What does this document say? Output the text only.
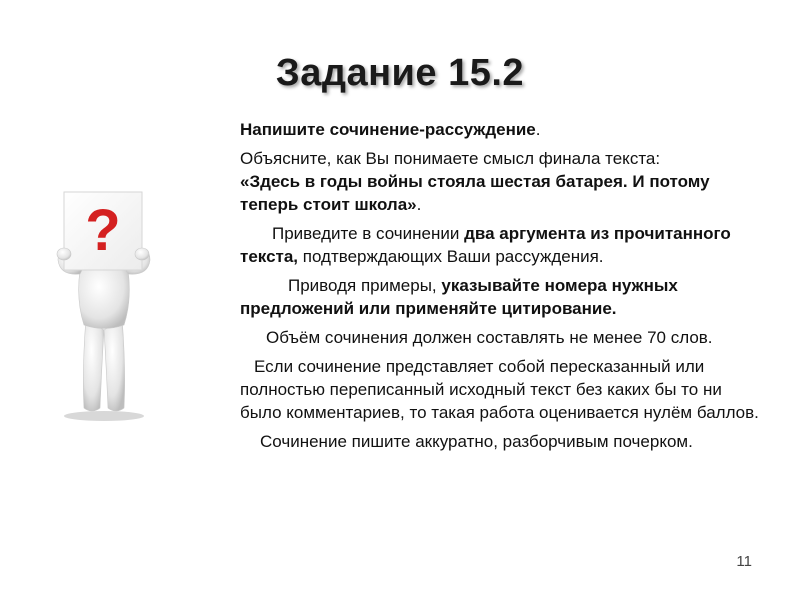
Задание 15.2
?

Напишите сочинение-рассуждение.

Объясните, как Вы понимаете смысл финала текста:
«Здесь в годы войны стояла шестая батарея. И потому теперь стоит школа».

Приведите в сочинении два аргумента из прочитанного текста, подтверждающих Ваши рассуждения.

Приводя примеры, указывайте номера нужных предложений или применяйте цитирование.

Объём сочинения должен составлять не менее 70 слов.

Если сочинение представляет собой пересказанный или полностью переписанный исходный текст без каких бы то ни было комментариев, то такая работа оценивается нулём баллов.

Сочинение пишите аккуратно, разборчивым почерком.

11
